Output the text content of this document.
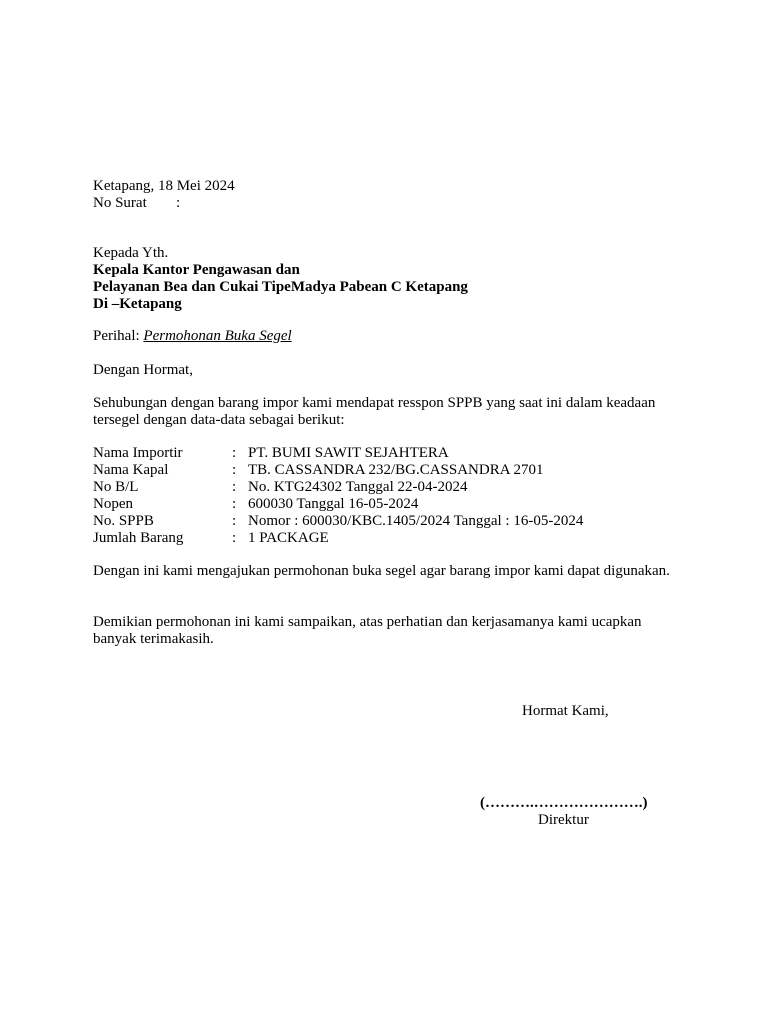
Ketapang, 18 Mei 2024
No Surat :
Kepada Yth.
Kepala Kantor Pengawasan dan
Pelayanan Bea dan Cukai TipeMadya Pabean C Ketapang
Di –Ketapang
Perihal: Permohonan Buka Segel
Dengan Hormat,
Sehubungan dengan barang impor kami mendapat resspon SPPB yang saat ini dalam keadaan tersegel dengan data-data sebagai berikut:
Nama Importir	: PT. BUMI SAWIT SEJAHTERA
Nama Kapal	: TB. CASSANDRA 232/BG.CASSANDRA 2701
No B/L	: No. KTG24302 Tanggal 22-04-2024
Nopen	: 600030 Tanggal 16-05-2024
No. SPPB	: Nomor : 600030/KBC.1405/2024 Tanggal : 16-05-2024
Jumlah Barang	: 1 PACKAGE
Dengan ini kami mengajukan permohonan buka segel agar barang impor kami dapat digunakan.
Demikian permohonan ini kami sampaikan, atas perhatian dan kerjasamanya kami ucapkan banyak terimakasih.
Hormat Kami,
(……….………………….)
Direktur
